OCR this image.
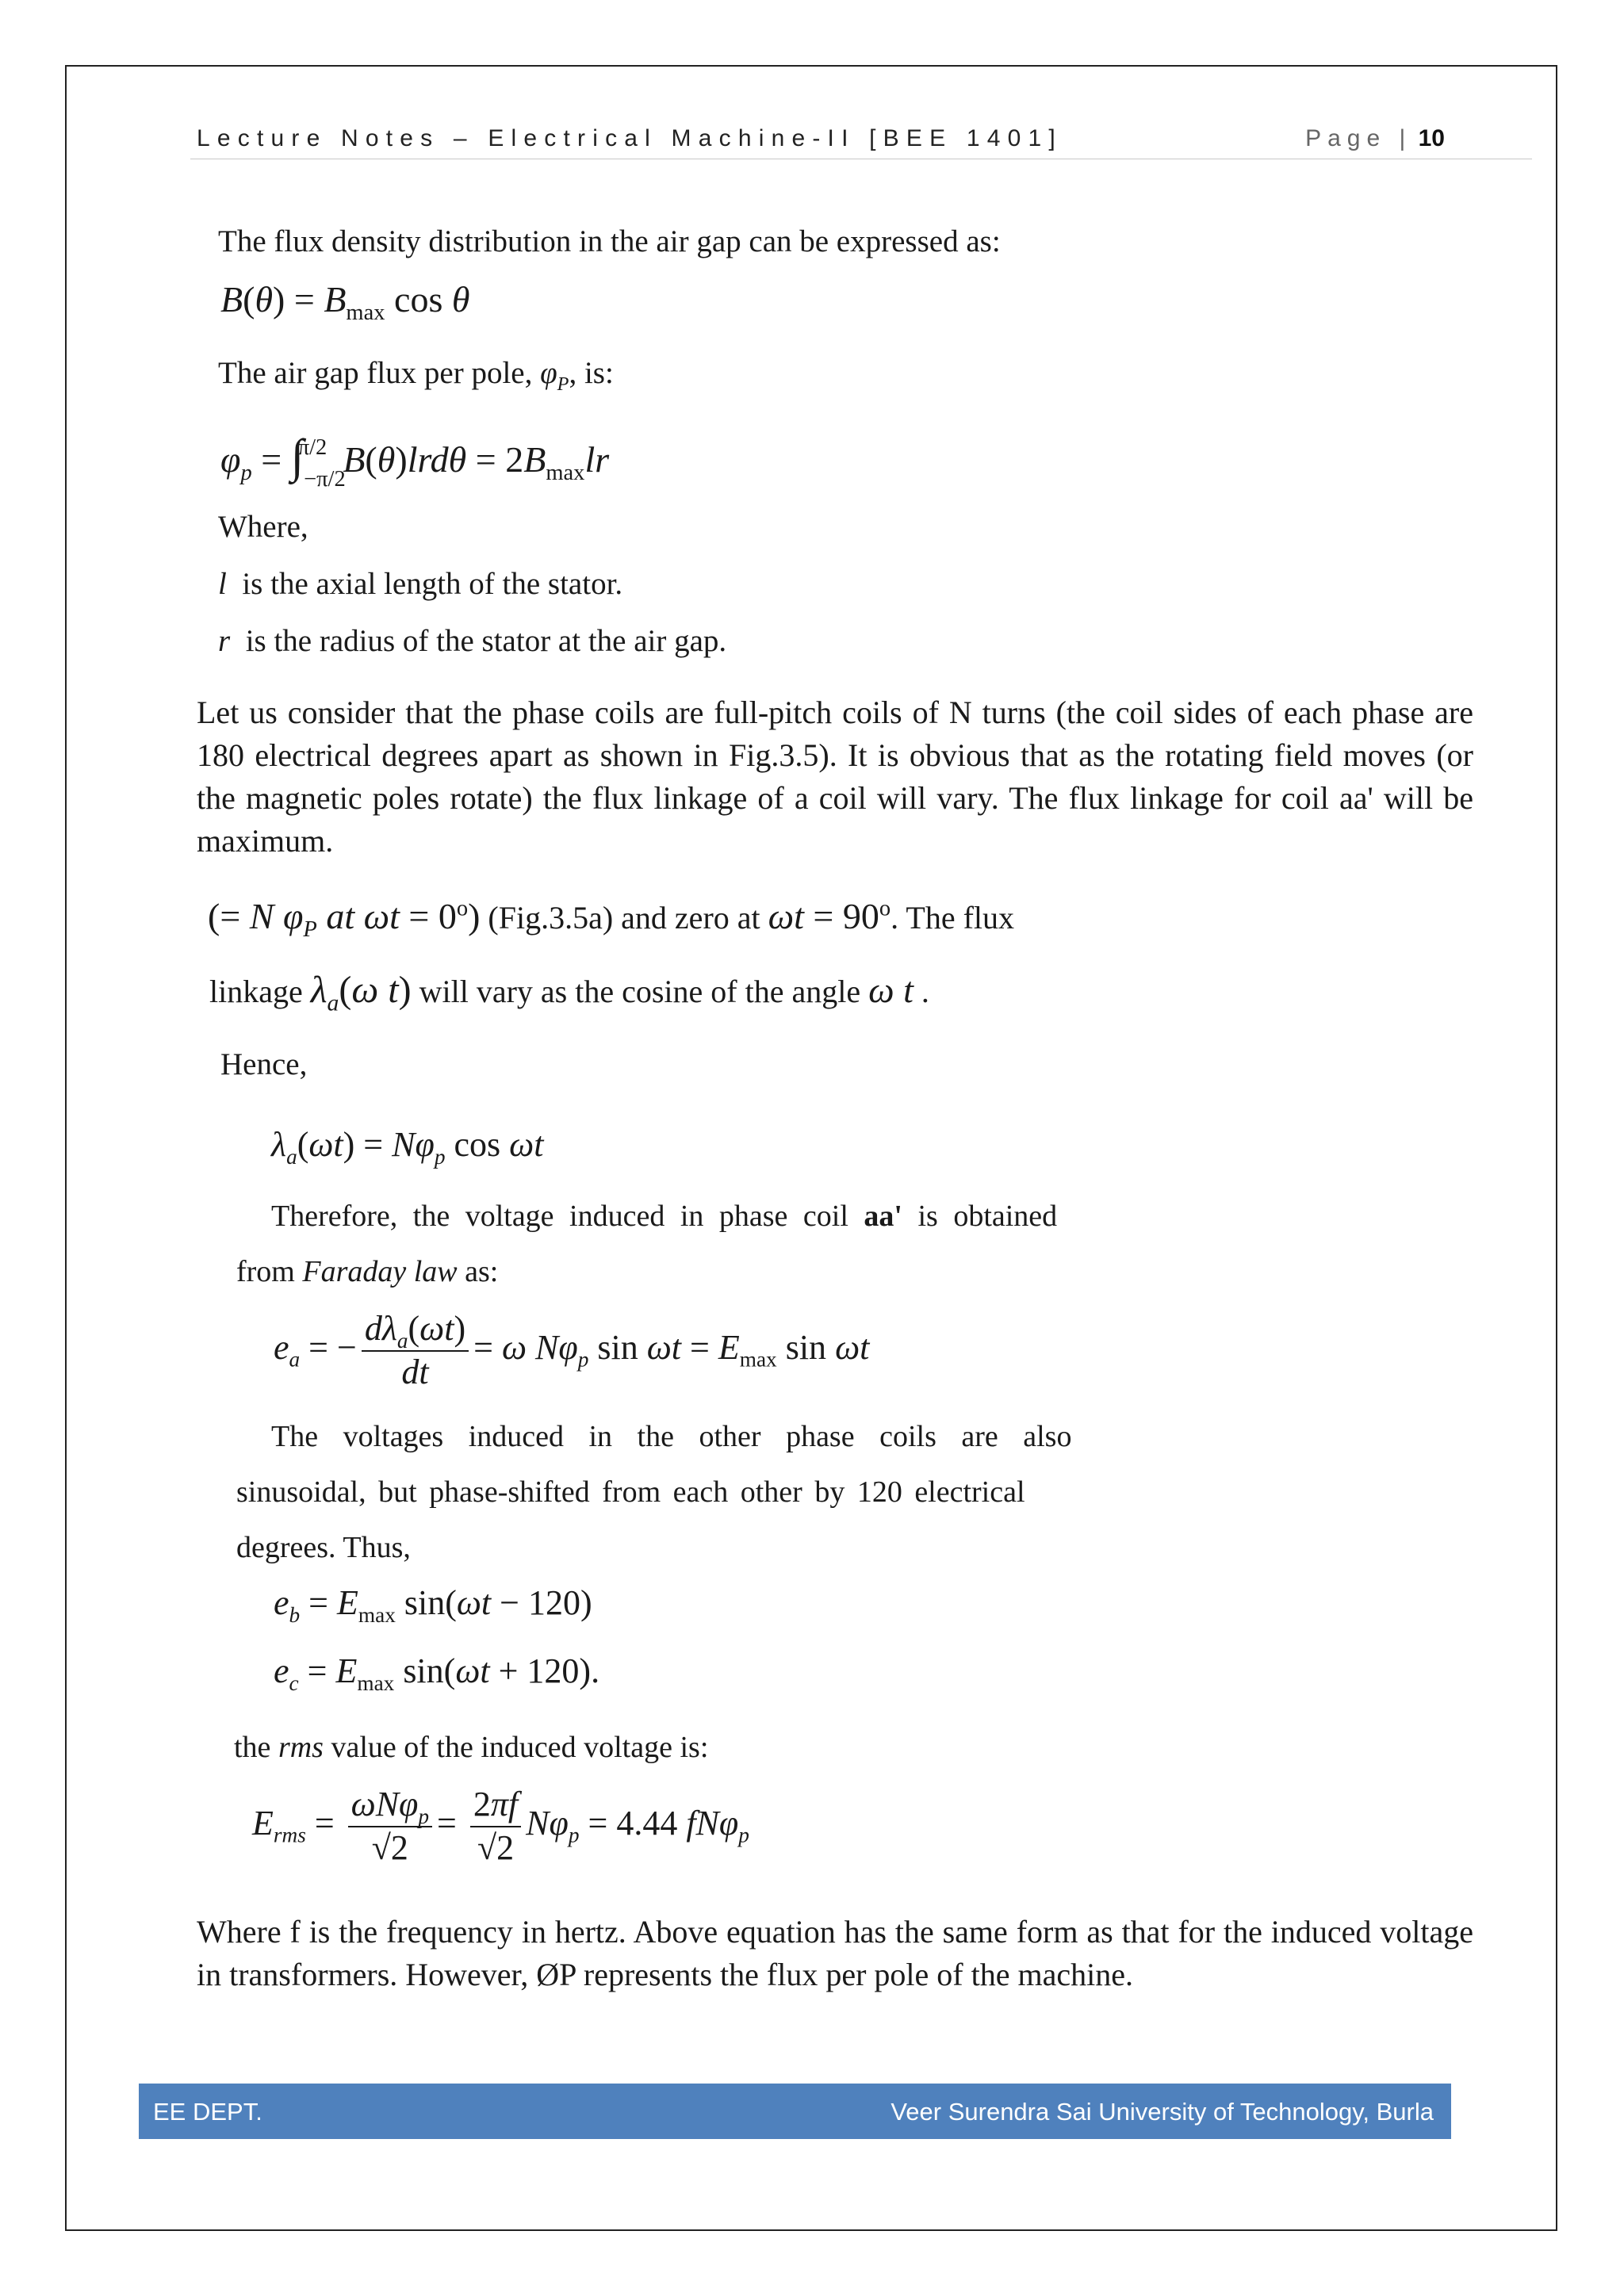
Lecture Notes – Electrical Machine-II [BEE 1401]	Page | 10
The flux density distribution in the air gap can be expressed as:
$B(\theta) = B_{max}$ cos θ
The air gap flux per pole, $\varphi_P$, is:
$\varphi_p = \int_{-\pi/2}^{\pi/2}$ $B(\theta)lrd\theta = 2B_{max}lr$
Where,
l is the axial length of the stator.
r is the radius of the stator at the air gap.
Let us consider that the phase coils are full-pitch coils of N turns (the coil sides of each phase are 180 electrical degrees apart as shown in Fig.3.5). It is obvious that as the rotating field moves (or the magnetic poles rotate) the flux linkage of a coil will vary. The flux linkage for coil aa' will be maximum.
(= N $\varphi_P$ at $\omega t = 0^o$) (Fig.3.5a) and zero at $\omega t = 90^o$. The flux
linkage $\lambda_a(\omega$ t) will vary as the cosine of the angle ω t .
Hence,
$\lambda_a(\omega t) = N\varphi_p$ cos ωt
Therefore, the voltage induced in phase coil aa' is obtained
from Faraday law as:
$e_a$ = − $\frac{d\lambda_a(\omega t)}{dt} = \omega$ $N\varphi_p$ $\sin \omega t = E_{max}$ sin ωt
The voltages induced in the other phase coils are also
sinusoidal, but phase-shifted from each other by 120 electrical
degrees. Thus,
$e_b = E_{max}$ sin(ωt − 120)
$e_c = E_{max}$ sin(ωt + 120).
the rms value of the induced voltage is:
$E_{rms} = \frac{\omega N\varphi_p}{√2} = \frac{2\pi f}{√2} N\varphi_p = 4.44$ fNφ$_p$
Where f is the frequency in hertz. Above equation has the same form as that for the induced voltage in transformers. However, ØP represents the flux per pole of the machine.
EE DEPT.	Veer Surendra Sai University of Technology, Burla
